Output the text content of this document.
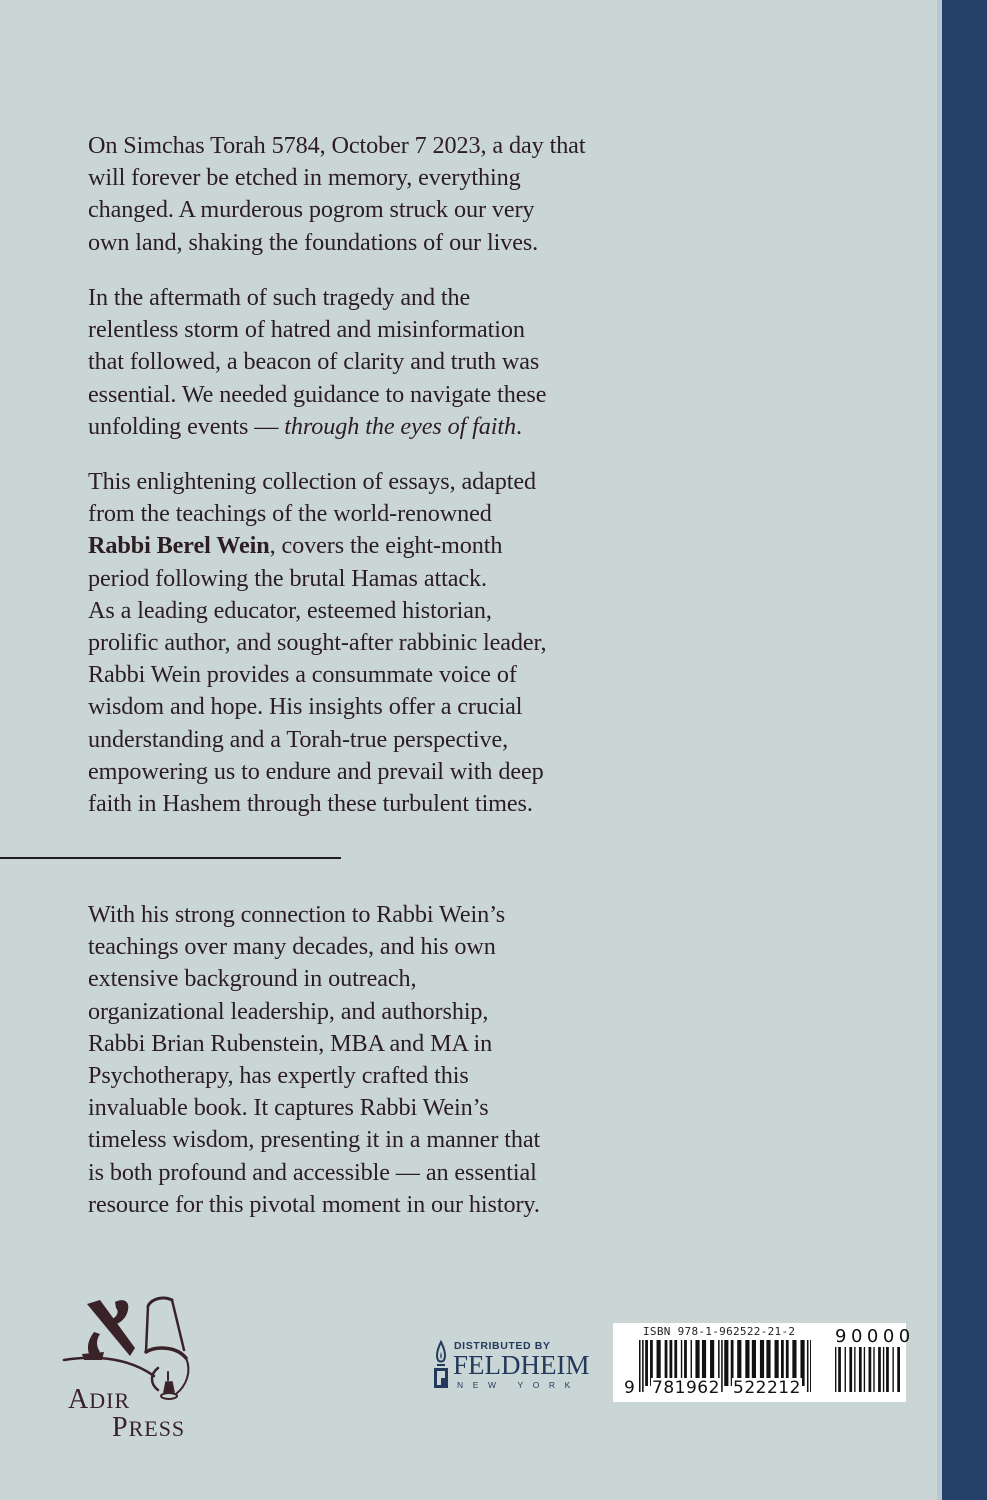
On Simchas Torah 5784, October 7 2023, a day that
will forever be etched in memory, everything
changed. A murderous pogrom struck our very
own land, shaking the foundations of our lives.
In the aftermath of such tragedy and the
relentless storm of hatred and misinformation
that followed, a beacon of clarity and truth was
essential. We needed guidance to navigate these
unfolding events — through the eyes of faith.
This enlightening collection of essays, adapted
from the teachings of the world-renowned
Rabbi Berel Wein, covers the eight-month
period following the brutal Hamas attack.
As a leading educator, esteemed historian,
prolific author, and sought-after rabbinic leader,
Rabbi Wein provides a consummate voice of
wisdom and hope. His insights offer a crucial
understanding and a Torah-true perspective,
empowering us to endure and prevail with deep
faith in Hashem through these turbulent times.
With his strong connection to Rabbi Wein’s
teachings over many decades, and his own
extensive background in outreach,
organizational leadership, and authorship,
Rabbi Brian Rubenstein, MBA and MA in
Psychotherapy, has expertly crafted this
invaluable book. It captures Rabbi Wein’s
timeless wisdom, presenting it in a manner that
is both profound and accessible — an essential
resource for this pivotal moment in our history.
ADIR
PRESS
DISTRIBUTED BY
FELDHEIM
NEW YORK
ISBN 978-1-962522-21-2
9 781962 522212
90000
